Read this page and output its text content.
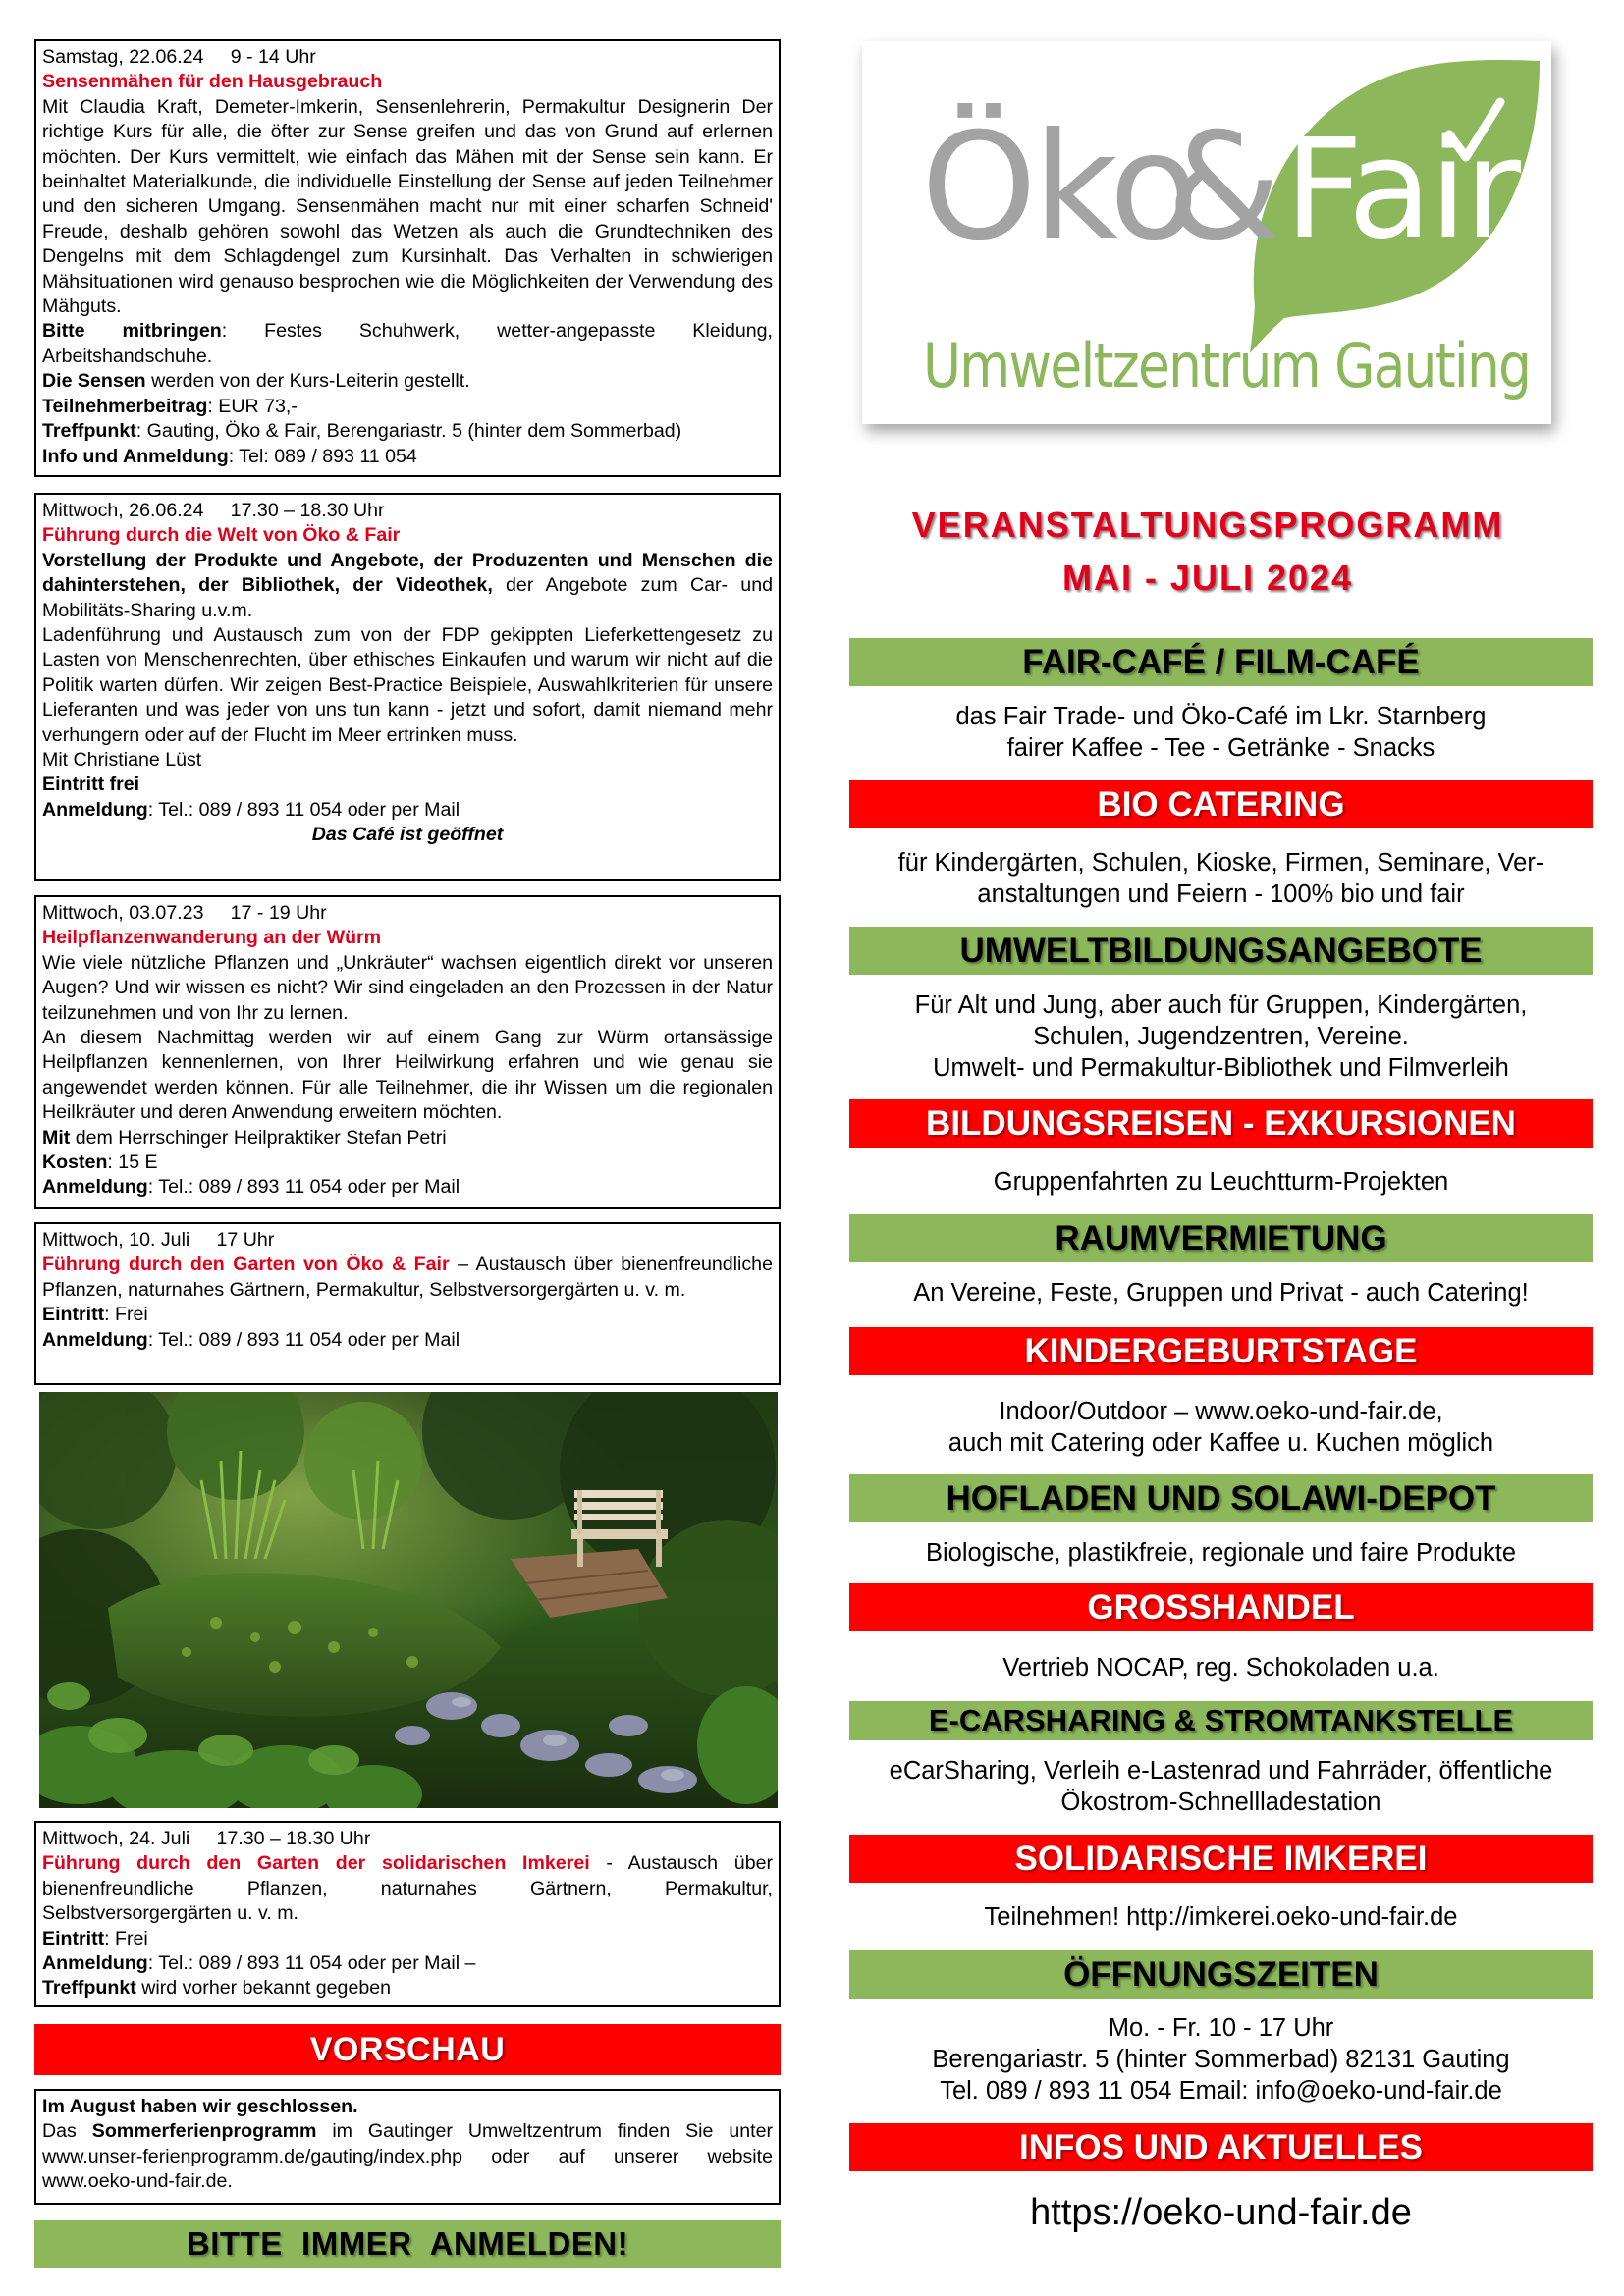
Samstag, 22.06.24     9 - 14 Uhr

Sensenmähen für den Hausgebrauch

Mit Claudia Kraft, Demeter-Imkerin, Sensenlehrerin, Permakultur Designerin Der richtige Kurs für alle, die öfter zur Sense greifen und das von Grund auf erlernen möchten. Der Kurs vermittelt, wie einfach das Mähen mit der Sense sein kann. Er beinhaltet Materialkunde, die individuelle Einstellung der Sense auf jeden Teilnehmer und den sicheren Umgang. Sensenmähen macht nur mit einer scharfen Schneid' Freude, deshalb gehören sowohl das Wetzen als auch die Grundtechniken des Dengelns mit dem Schlagdengel zum Kursinhalt. Das Verhalten in schwierigen Mähsituationen wird genauso besprochen wie die Möglichkeiten der Verwendung des Mähguts.

Bitte mitbringen: Festes Schuhwerk, wetter-angepasste Kleidung, Arbeitshandschuhe.

Die Sensen werden von der Kurs-Leiterin gestellt.

Teilnehmerbeitrag: EUR 73,-

Treffpunkt: Gauting, Öko & Fair, Berengariastr. 5 (hinter dem Sommerbad)

Info und Anmeldung: Tel: 089 / 893 11 054

Mittwoch, 26.06.24     17.30 – 18.30 Uhr

Führung durch die Welt von Öko & Fair

Vorstellung der Produkte und Angebote, der Produzenten und Menschen die dahinterstehen, der Bibliothek, der Videothek, der Angebote zum Car- und Mobilitäts-Sharing u.v.m.

Ladenführung und Austausch zum von der FDP gekippten Lieferkettengesetz zu Lasten von Menschenrechten, über ethisches Einkaufen und warum wir nicht auf die Politik warten dürfen. Wir zeigen Best-Practice Beispiele, Auswahlkriterien für unsere Lieferanten und was jeder von uns tun kann - jetzt und sofort, damit niemand mehr verhungern oder auf der Flucht im Meer ertrinken muss.

Mit Christiane Lüst

Eintritt frei

Anmeldung: Tel.: 089 / 893 11 054 oder per Mail

Das Café ist geöffnet

Mittwoch, 03.07.23     17 - 19 Uhr

Heilpflanzenwanderung an der Würm

Wie viele nützliche Pflanzen und „Unkräuter“ wachsen eigentlich direkt vor unseren Augen? Und wir wissen es nicht? Wir sind eingeladen an den Prozessen in der Natur teilzunehmen und von Ihr zu lernen.

An diesem Nachmittag werden wir auf einem Gang zur Würm ortansässige Heilpflanzen kennenlernen, von Ihrer Heilwirkung erfahren und wie genau sie angewendet werden können. Für alle Teilnehmer, die ihr Wissen um die regionalen Heilkräuter und deren Anwendung erweitern möchten.

Mit dem Herrschinger Heilpraktiker Stefan Petri

Kosten: 15 E

Anmeldung: Tel.: 089 / 893 11 054 oder per Mail

Mittwoch, 10. Juli     17 Uhr

Führung durch den Garten von Öko & Fair – Austausch über bienenfreundliche Pflanzen, naturnahes Gärtnern, Permakultur, Selbstversorgergärten u. v. m.

Eintritt: Frei

Anmeldung: Tel.: 089 / 893 11 054 oder per Mail

Mittwoch, 24. Juli     17.30 – 18.30 Uhr

Führung durch den Garten der solidarischen Imkerei - Austausch über bienenfreundliche Pflanzen, naturnahes Gärtnern, Permakultur, Selbstversorgergärten u. v. m.

Eintritt: Frei

Anmeldung: Tel.: 089 / 893 11 054 oder per Mail –

Treffpunkt wird vorher bekannt gegeben

VORSCHAU

Im August haben wir geschlossen.

Das Sommerferienprogramm im Gautinger Umweltzentrum finden Sie unter www.unser-ferienprogramm.de/gauting/index.php oder auf unserer website www.oeko-und-fair.de.

BITTE  IMMER  ANMELDEN!
Öko
& Fair
Umweltzentrum Gauting
VERANSTALTUNGSPROGRAMM
MAI - JULI 2024
FAIR-CAFÉ / FILM-CAFÉ
das Fair Trade- und Öko-Café im Lkr. Starnberg
fairer Kaffee - Tee - Getränke - Snacks
BIO CATERING
für Kindergärten, Schulen, Kioske, Firmen, Seminare, Ver-
anstaltungen und Feiern - 100% bio und fair
UMWELTBILDUNGSANGEBOTE
Für Alt und Jung, aber auch für Gruppen, Kindergärten,
Schulen, Jugendzentren, Vereine.
Umwelt- und Permakultur-Bibliothek und Filmverleih
BILDUNGSREISEN - EXKURSIONEN
Gruppenfahrten zu Leuchtturm-Projekten
RAUMVERMIETUNG
An Vereine, Feste, Gruppen und Privat - auch Catering!
KINDERGEBURTSTAGE
Indoor/Outdoor – www.oeko-und-fair.de,
auch mit Catering oder Kaffee u. Kuchen möglich
HOFLADEN UND SOLAWI-DEPOT
Biologische, plastikfreie, regionale und faire Produkte
GROSSHANDEL
Vertrieb NOCAP, reg. Schokoladen u.a.
E-CARSHARING & STROMTANKSTELLE
eCarSharing, Verleih e-Lastenrad und Fahrräder, öffentliche
Ökostrom-Schnellladestation
SOLIDARISCHE IMKEREI
Teilnehmen! http://imkerei.oeko-und-fair.de
ÖFFNUNGSZEITEN
Mo. - Fr. 10 - 17 Uhr
Berengariastr. 5 (hinter Sommerbad) 82131 Gauting
Tel. 089 / 893 11 054 Email: info@oeko-und-fair.de
INFOS UND AKTUELLES
https://oeko-und-fair.de
